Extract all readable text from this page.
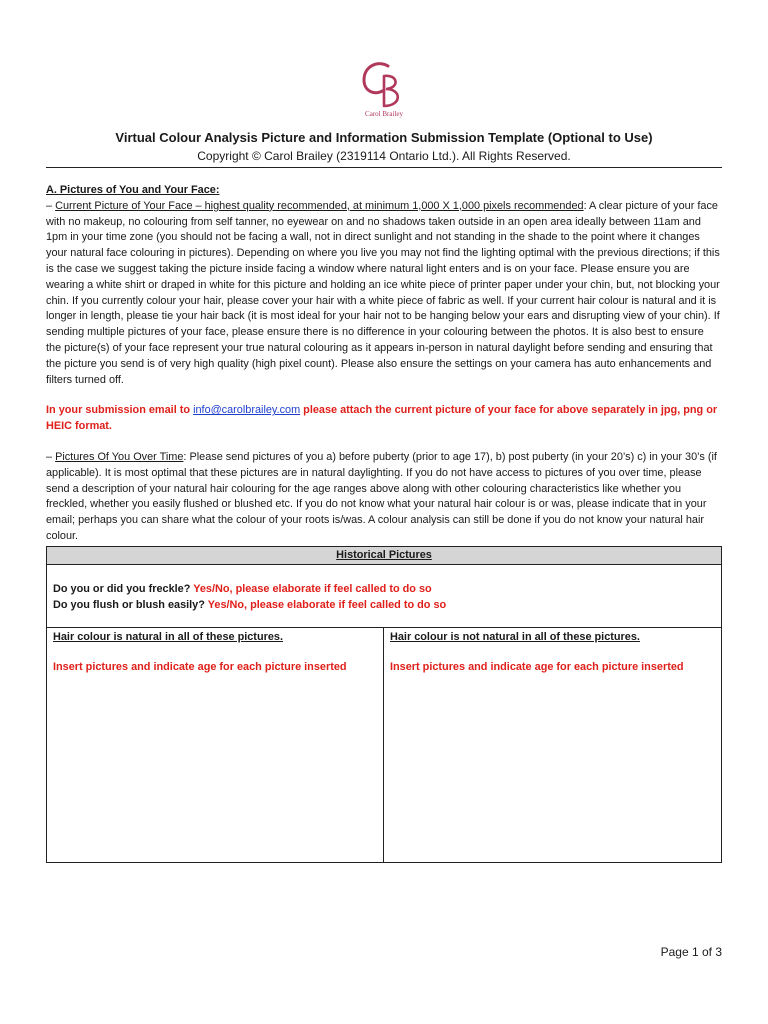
Carol Brailey
Virtual Colour Analysis Picture and Information Submission Template (Optional to Use)
Copyright © Carol Brailey (2319114 Ontario Ltd.). All Rights Reserved.

A. Pictures of You and Your Face:

– Current Picture of Your Face – highest quality recommended, at minimum 1,000 X 1,000 pixels recommended: A clear picture of your face with no makeup, no colouring from self tanner, no eyewear on and no shadows taken outside in an open area ideally between 11am and 1pm in your time zone (you should not be facing a wall, not in direct sunlight and not standing in the shade to the point where it changes your natural face colouring in pictures). Depending on where you live you may not find the lighting optimal with the previous directions; if this is the case we suggest taking the picture inside facing a window where natural light enters and is on your face. Please ensure you are wearing a white shirt or draped in white for this picture and holding an ice white piece of printer paper under your chin, but, not blocking your chin. If you currently colour your hair, please cover your hair with a white piece of fabric as well. If your current hair colour is natural and it is longer in length, please tie your hair back (it is most ideal for your hair not to be hanging below your ears and disrupting view of your chin). If sending multiple pictures of your face, please ensure there is no difference in your colouring between the photos. It is also best to ensure the picture(s) of your face represent your true natural colouring as it appears in-person in natural daylight before sending and ensuring that the picture you send is of very high quality (high pixel count). Please also ensure the settings on your camera has auto enhancements and filters turned off.

In your submission email to info@carolbrailey.com please attach the current picture of your face for above separately in jpg, png or HEIC format.

– Pictures Of You Over Time: Please send pictures of you a) before puberty (prior to age 17), b) post puberty (in your 20’s) c) in your 30’s (if applicable). It is most optimal that these pictures are in natural daylighting. If you do not have access to pictures of you over time, please send a description of your natural hair colouring for the age ranges above along with other colouring characteristics like whether you freckled, whether you easily flushed or blushed etc. If you do not know what your natural hair colour is or was, please indicate that in your email; perhaps you can share what the colour of your roots is/was. A colour analysis can still be done if you do not know your natural hair colour.

Historical Pictures
Do you or did you freckle? Yes/No, please elaborate if feel called to do so
Do you flush or blush easily? Yes/No, please elaborate if feel called to do so
Hair colour is natural in all of these pictures.
Insert pictures and indicate age for each picture inserted
Hair colour is not natural in all of these pictures.
Insert pictures and indicate age for each picture inserted
Page 1 of 3
